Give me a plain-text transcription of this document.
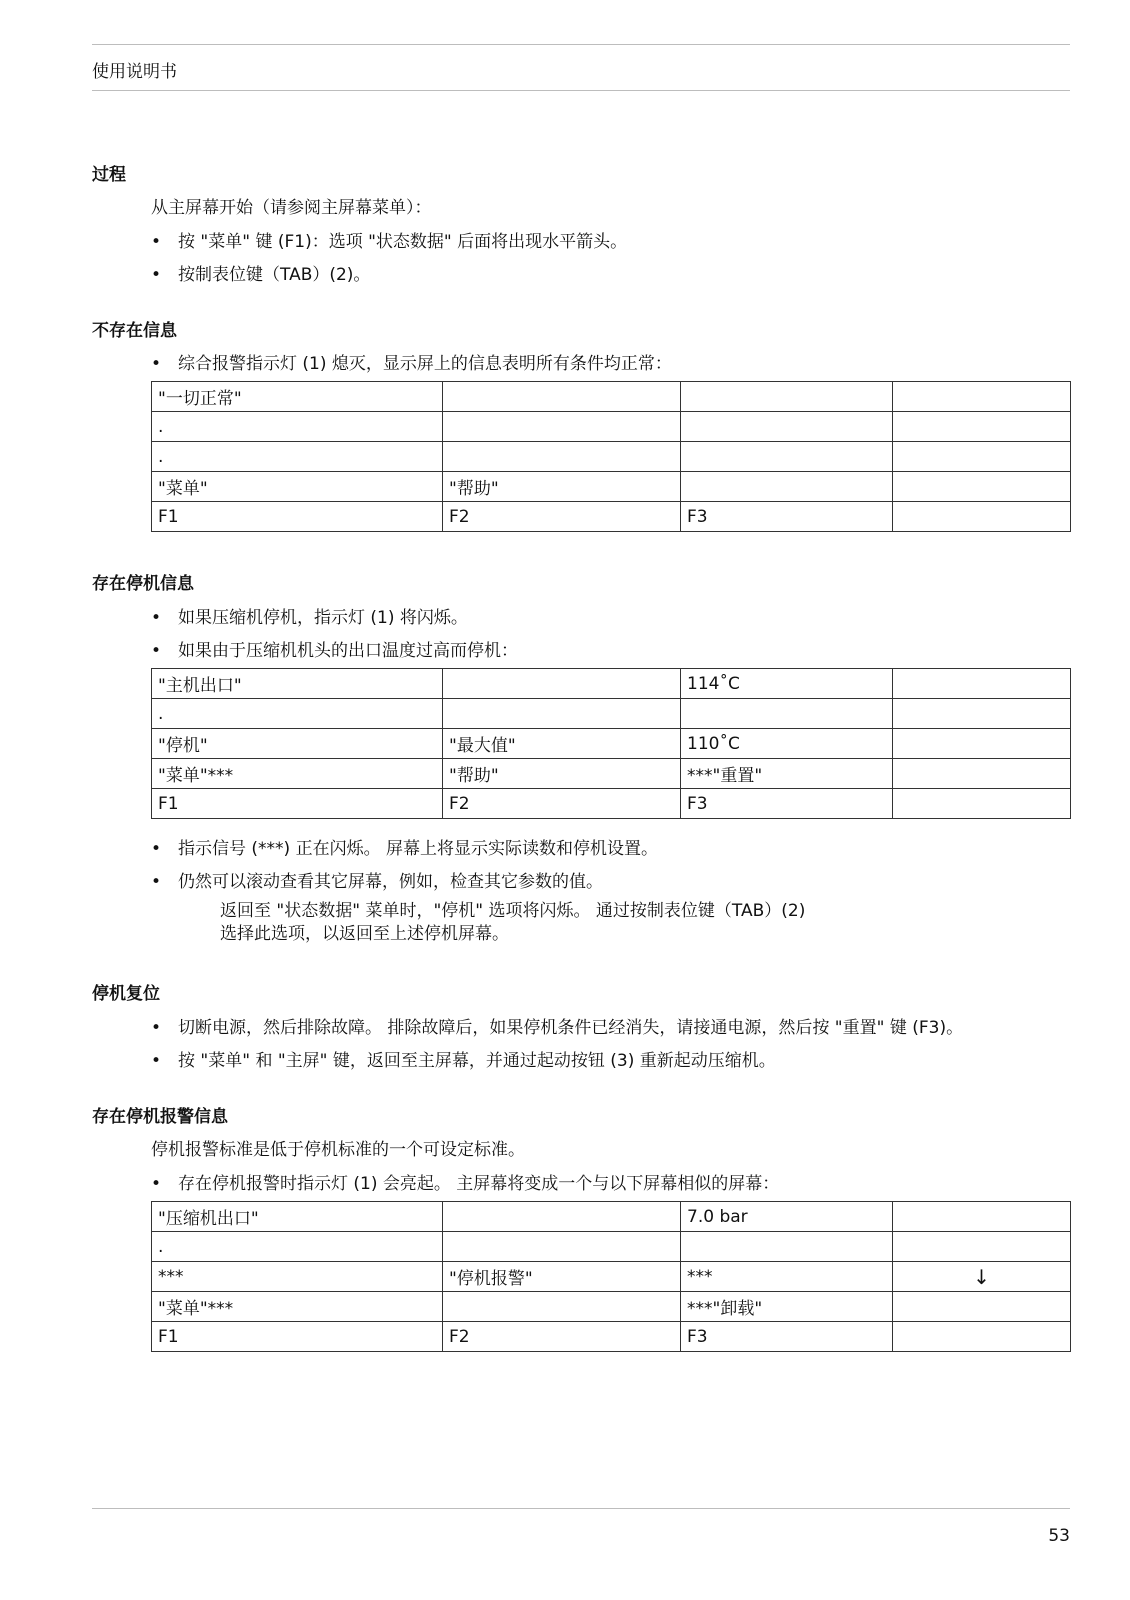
使用说明书
过程
从主屏幕开始（请参阅主屏幕菜单）：
• 按 "菜单" 键 (F1)：选项 "状态数据" 后面将出现水平箭头。
• 按制表位键（TAB）(2)。
不存在信息
• 综合报警指示灯 (1) 熄灭，显示屏上的信息表明所有条件均正常：
"一切正常"			
.			
.			
"菜单"	"帮助"		
F1	F2	F3	
存在停机信息
• 如果压缩机停机，指示灯 (1) 将闪烁。
• 如果由于压缩机机头的出口温度过高而停机：
"主机出口"		114˚C	
.			
"停机"	"最大值"	110˚C	
"菜单"***	"帮助"	***"重置"	
F1	F2	F3	
• 指示信号 (***) 正在闪烁。 屏幕上将显示实际读数和停机设置。
• 仍然可以滚动查看其它屏幕，例如，检查其它参数的值。
返回至 "状态数据" 菜单时，"停机" 选项将闪烁。 通过按制表位键（TAB）(2)
选择此选项，以返回至上述停机屏幕。
停机复位
• 切断电源，然后排除故障。 排除故障后，如果停机条件已经消失，请接通电源，然后按 "重置" 键 (F3)。
• 按 "菜单" 和 "主屏" 键，返回至主屏幕，并通过起动按钮 (3) 重新起动压缩机。
存在停机报警信息
停机报警标准是低于停机标准的一个可设定标准。
• 存在停机报警时指示灯 (1) 会亮起。 主屏幕将变成一个与以下屏幕相似的屏幕：
"压缩机出口"		7.0 bar	
.			
***	"停机报警"	***	↓

"菜单"***		***"卸载"	
F1	F2	F3	
53
